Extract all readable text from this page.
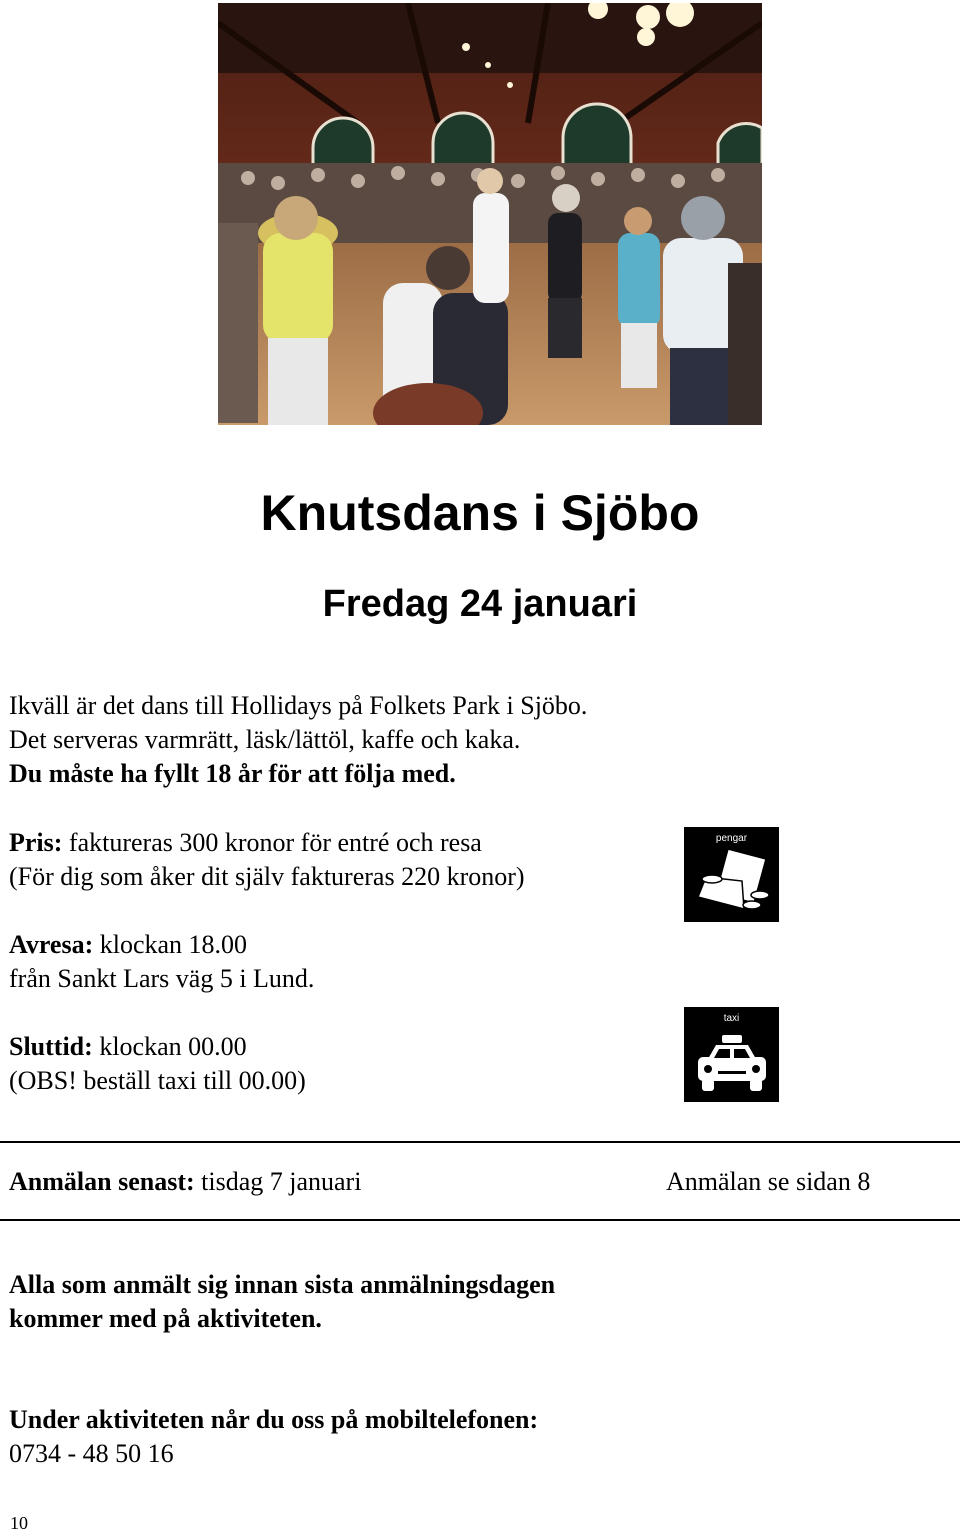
Knutsdans i Sjöbo
Fredag 24 januari
Ikväll är det dans till Hollidays på Folkets Park i Sjöbo.
Det serveras varmrätt, läsk/lättöl, kaffe och kaka.
Du måste ha fyllt 18 år för att följa med.
Pris: faktureras 300 kronor för entré och resa
(För dig som åker dit själv faktureras 220 kronor)
Avresa: klockan 18.00
från Sankt Lars väg 5 i Lund.
Sluttid: klockan 00.00
(OBS! beställ taxi till 00.00)
pengar
taxi
Anmälan senast: tisdag 7 januari	Anmälan se sidan 8
Alla som anmält sig innan sista anmälningsdagen
kommer med på aktiviteten.
Under aktiviteten når du oss på mobiltelefonen:
0734 - 48 50 16
10
